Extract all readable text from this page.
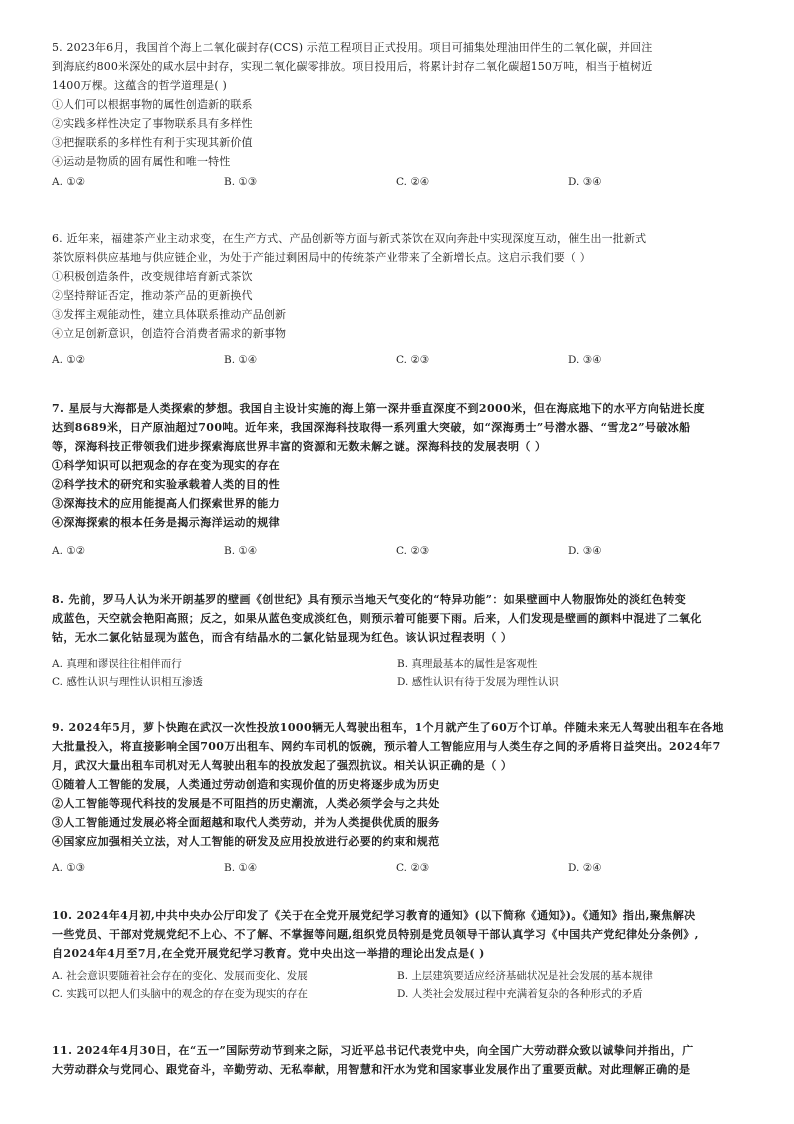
5. 2023年6月，我国首个海上二氧化碳封存(CCS) 示范工程项目正式投用。项目可捕集处理油田伴生的二氧化碳，并回注
到海底约800米深处的咸水层中封存，实现二氧化碳零排放。项目投用后，将累计封存二氧化碳超150万吨，相当于植树近
1400万棵。这蕴含的哲学道理是( )
①人们可以根据事物的属性创造新的联系
②实践多样性决定了事物联系具有多样性
③把握联系的多样性有利于实现其新价值
④运动是物质的固有属性和唯一特性
A. ①②	B. ①③	C. ②④	D. ③④
6. 近年来，福建茶产业主动求变，在生产方式、产品创新等方面与新式茶饮在双向奔赴中实现深度互动，催生出一批新式
茶饮原料供应基地与供应链企业，为处于产能过剩困局中的传统茶产业带来了全新增长点。这启示我们要（ ）
①积极创造条件，改变规律培育新式茶饮
②坚持辩证否定，推动茶产品的更新换代
③发挥主观能动性，建立具体联系推动产品创新
④立足创新意识，创造符合消费者需求的新事物
A. ①②	B. ①④	C. ②③	D. ③④
7. 星辰与大海都是人类探索的梦想。我国自主设计实施的海上第一深井垂直深度不到2000米，但在海底地下的水平方向钻进长度
达到8689米，日产原油超过700吨。近年来，我国深海科技取得一系列重大突破，如“深海勇士”号潜水器、“雪龙2”号破冰船
等，深海科技正带领我们进步探索海底世界丰富的资源和无数未解之谜。深海科技的发展表明（ ）
①科学知识可以把观念的存在变为现实的存在
②科学技术的研究和实验承载着人类的目的性
③深海技术的应用能提高人们探索世界的能力
④深海探索的根本任务是揭示海洋运动的规律
A. ①②	B. ①④	C. ②③	D. ③④
8. 先前，罗马人认为米开朗基罗的壁画《创世纪》具有预示当地天气变化的“特异功能”：如果壁画中人物服饰处的淡红色转变
成蓝色，天空就会艳阳高照；反之，如果从蓝色变成淡红色，则预示着可能要下雨。后来，人们发现是壁画的颜料中混进了二氧化
钴，无水二氯化钴显现为蓝色，而含有结晶水的二氯化钴显现为红色。该认识过程表明（ ）
A. 真理和谬误往往相伴而行	B. 真理最基本的属性是客观性
C. 感性认识与理性认识相互渗透	D. 感性认识有待于发展为理性认识
9. 2024年5月，萝卜快跑在武汉一次性投放1000辆无人驾驶出租车，1个月就产生了60万个订单。伴随未来无人驾驶出租车在各地
大批量投入，将直接影响全国700万出租车、网约车司机的饭碗，预示着人工智能应用与人类生存之间的矛盾将日益突出。2024年7
月，武汉大量出租车司机对无人驾驶出租车的投放发起了强烈抗议。相关认识正确的是（ ）
①随着人工智能的发展，人类通过劳动创造和实现价值的历史将逐步成为历史
②人工智能等现代科技的发展是不可阻挡的历史潮流，人类必须学会与之共处
③人工智能通过发展必将全面超越和取代人类劳动，并为人类提供优质的服务
④国家应加强相关立法，对人工智能的研发及应用投放进行必要的约束和规范
A. ①③	B. ①④	C. ②③	D. ②④
10. 2024年4月初,中共中央办公厅印发了《关于在全党开展党纪学习教育的通知》(以下简称《通知》)。《通知》指出,聚焦解决
一些党员、干部对党规党纪不上心、不了解、不掌握等问题,组织党员特别是党员领导干部认真学习《中国共产党纪律处分条例》,
自2024年4月至7月,在全党开展党纪学习教育。党中央出这一举措的理论出发点是( )
A. 社会意识要随着社会存在的变化、发展而变化、发展	B. 上层建筑要适应经济基础状况是社会发展的基本规律
C. 实践可以把人们头脑中的观念的存在变为现实的存在	D. 人类社会发展过程中充满着复杂的各种形式的矛盾
11. 2024年4月30日，在“五一”国际劳动节到来之际，习近平总书记代表党中央，向全国广大劳动群众致以诚挚问并指出，广
大劳动群众与党同心、跟党奋斗，辛勤劳动、无私奉献，用智慧和汗水为党和国家事业发展作出了重要贡献。对此理解正确的是
